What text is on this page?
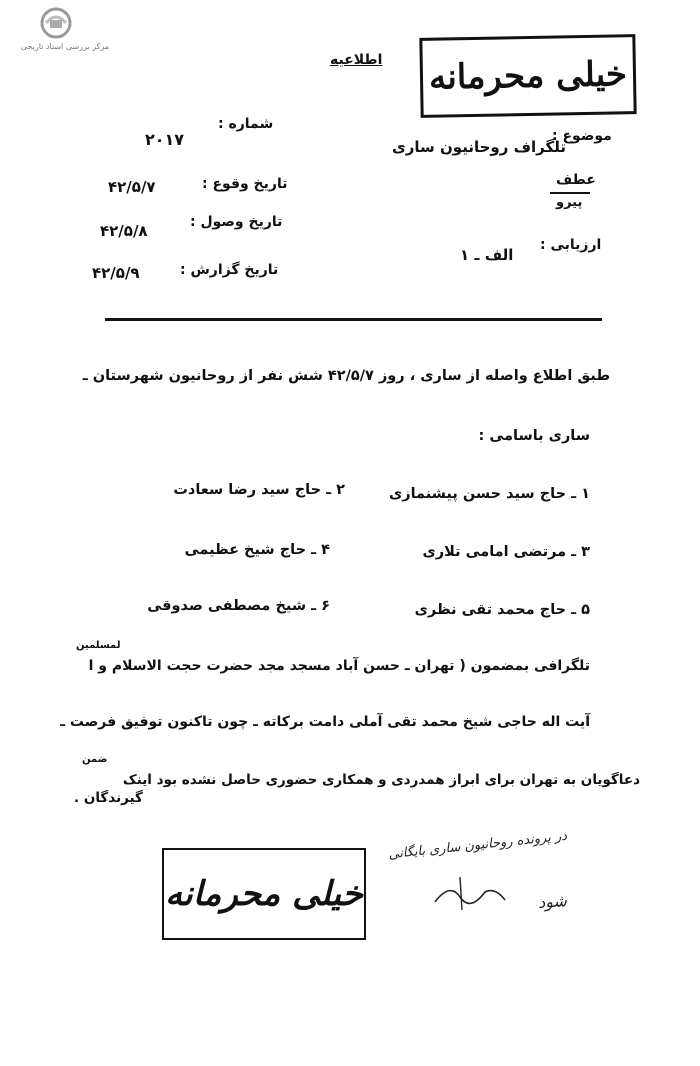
مرکز بررسی اسناد تاریخی
اطلاعیه خیلی محرمانه
موضوع :
تلگراف روحانیون ساری
شماره :
۲۰۱۷
عطف
پیرو
تاریخ وقوع :
۴۲/۵/۷
تاریخ وصول :
۴۲/۵/۸
ارزیابی :
الف ـ ۱
تاریخ گزارش :
۴۲/۵/۹
طبق اطلاع واصله از ساری ، روز ۴۲/۵/۷ شش نفر از روحانیون شهرستان ـ
ساری باسامی :
۱ ـ حاج سید حسن پیشنمازی
۲ ـ حاج سید رضا سعادت
۳ ـ مرتضی امامی تلاری
۴ ـ حاج شیخ عظیمی
۵ ـ حاج محمد تقی نظری
۶ ـ شیخ مصطفی صدوقی
لمسلمین
تلگرافی بمضمون ( تهران ـ حسن آباد مسجد مجد حضرت حجت الاسلام و ا
آیت اله حاجی شیخ محمد تقی آملی دامت برکاته ـ چون تاکنون توفیق فرصت ـ
ضمن
دعاگویان به تهران برای ابراز همدردی و همکاری حضوری حاصل نشده بود اینک
گیرندگان .
خیلی محرمانه
در پرونده روحانیون ساری بایگانی
شود
